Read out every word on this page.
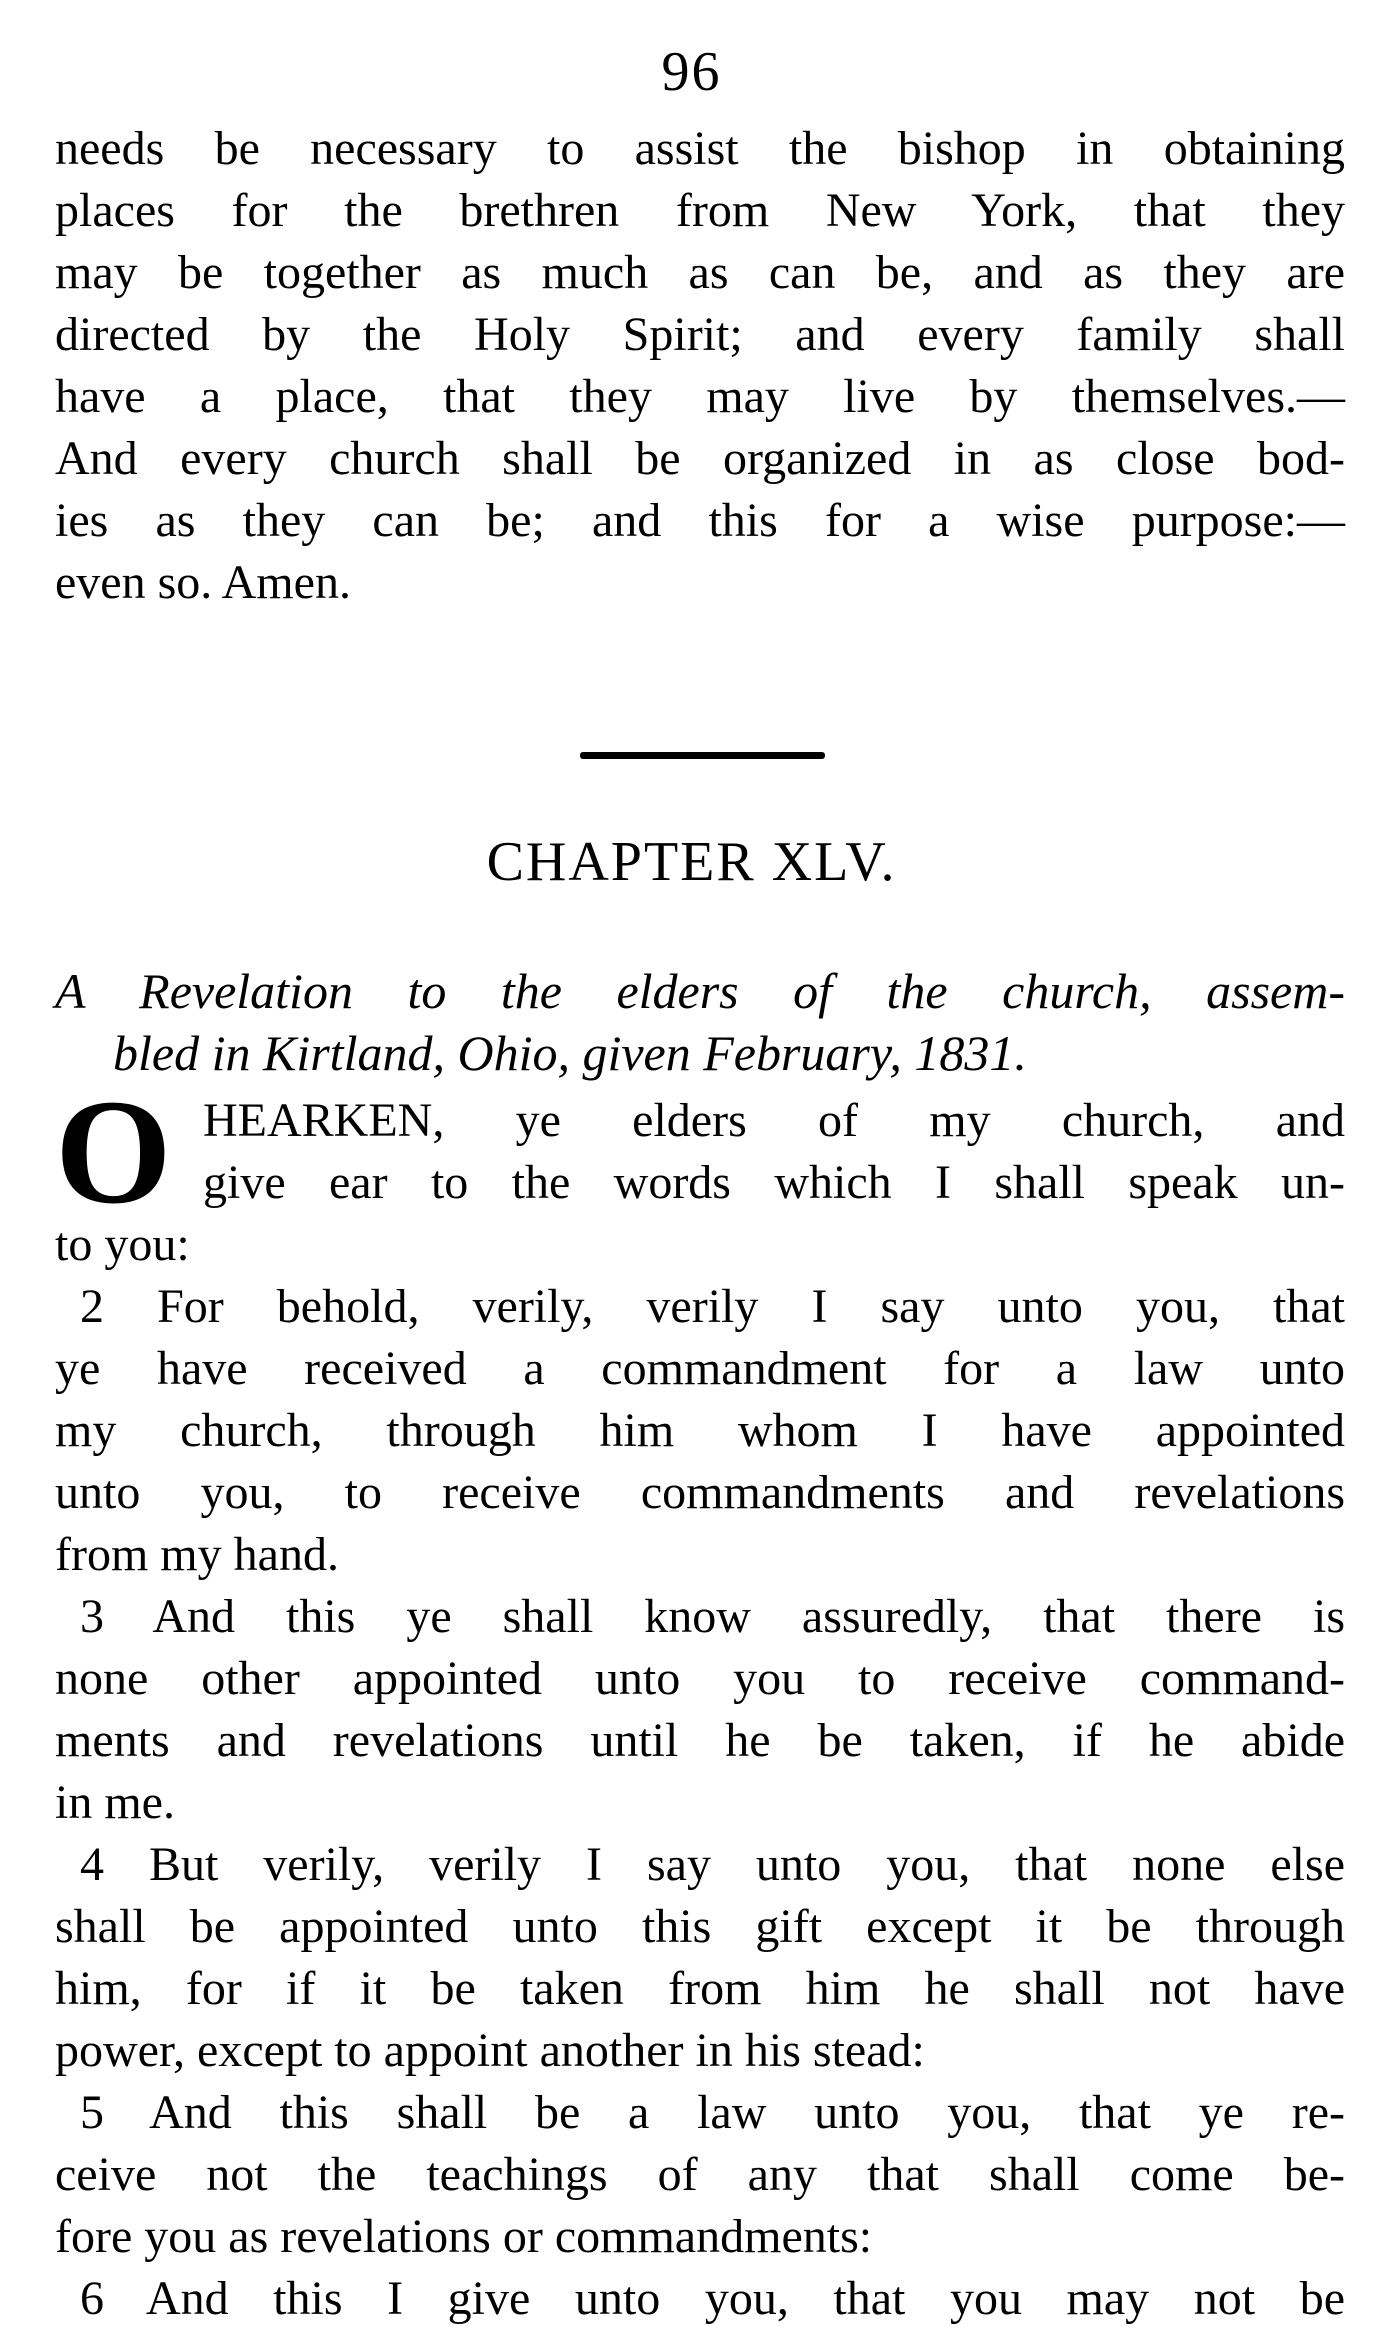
96
needs be necessary to assist the bishop in obtaining
places for the brethren from New York, that they
may be together as much as can be, and as they are
directed by the Holy Spirit; and every family shall
have a place, that they may live by themselves.—
And every church shall be organized in as close bod-
ies as they can be; and this for a wise purpose:—
even so. Amen.
CHAPTER XLV.
A Revelation to the elders of the church, assem-
bled in Kirtland, Ohio, given February, 1831.
O HEARKEN, ye elders of my church, and
give ear to the words which I shall speak un-
to you:
2 For behold, verily, verily I say unto you, that
ye have received a commandment for a law unto
my church, through him whom I have appointed
unto you, to receive commandments and revelations
from my hand.
3 And this ye shall know assuredly, that there is
none other appointed unto you to receive command-
ments and revelations until he be taken, if he abide
in me.
4 But verily, verily I say unto you, that none else
shall be appointed unto this gift except it be through
him, for if it be taken from him he shall not have
power, except to appoint another in his stead:
5 And this shall be a law unto you, that ye re-
ceive not the teachings of any that shall come be-
fore you as revelations or commandments:
6 And this I give unto you, that you may not be
